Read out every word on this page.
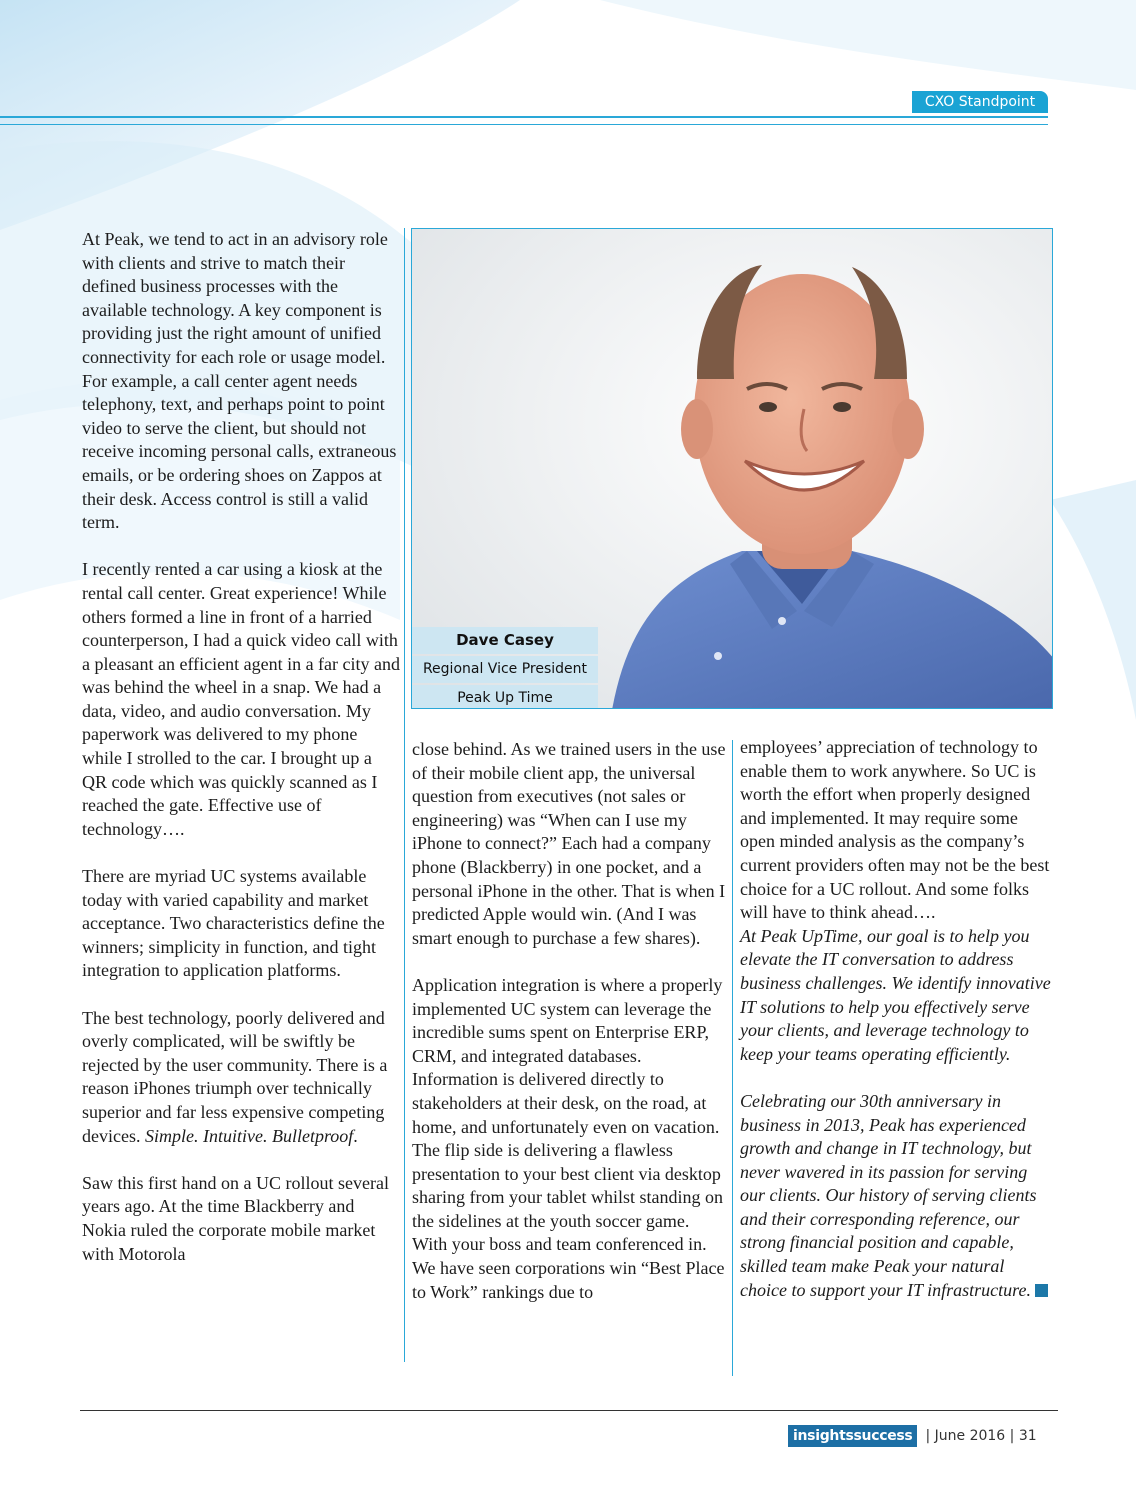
CXO Standpoint

At Peak, we tend to act in an advisory role with clients and strive to match their defined business processes with the available technology. A key component is providing just the right amount of unified connectivity for each role or usage model. For example, a call center agent needs telephony, text, and perhaps point to point video to serve the client, but should not receive incoming personal calls, extraneous emails, or be ordering shoes on Zappos at their desk. Access control is still a valid term.

I recently rented a car using a kiosk at the rental call center. Great experience! While others formed a line in front of a harried counterperson, I had a quick video call with a pleasant an efficient agent in a far city and was behind the wheel in a snap. We had a data, video, and audio conversation. My paperwork was delivered to my phone while I strolled to the car. I brought up a QR code which was quickly scanned as I reached the gate. Effective use of technology….

There are myriad UC systems available today with varied capability and market acceptance. Two characteristics define the winners; simplicity in function, and tight integration to application platforms.

The best technology, poorly delivered and overly complicated, will be swiftly be rejected by the user community. There is a reason iPhones triumph over technically superior and far less expensive competing devices. Simple. Intuitive. Bulletproof.

Saw this first hand on a UC rollout several years ago. At the time Blackberry and Nokia ruled the corporate mobile market with Motorola

Dave Casey
Regional Vice President
Peak Up Time

close behind. As we trained users in the use of their mobile client app, the universal question from executives (not sales or engineering) was “When can I use my iPhone to connect?” Each had a company phone (Blackberry) in one pocket, and a personal iPhone in the other. That is when I predicted Apple would win. (And I was smart enough to purchase a few shares).

Application integration is where a properly implemented UC system can leverage the incredible sums spent on Enterprise ERP, CRM, and integrated databases. Information is delivered directly to stakeholders at their desk, on the road, at home, and unfortunately even on vacation. The flip side is delivering a flawless presentation to your best client via desktop sharing from your tablet whilst standing on the sidelines at the youth soccer game. With your boss and team conferenced in. We have seen corporations win “Best Place to Work” rankings due to

employees’ appreciation of technology to enable them to work anywhere. So UC is worth the effort when properly designed and implemented. It may require some open minded analysis as the company’s current providers often may not be the best choice for a UC rollout. And some folks will have to think ahead….
At Peak UpTime, our goal is to help you elevate the IT conversation to address business challenges. We identify innovative IT solutions to help you effectively serve your clients, and leverage technology to keep your teams operating efficiently.

Celebrating our 30th anniversary in business in 2013, Peak has experienced growth and change in IT technology, but never wavered in its passion for serving our clients. Our history of serving clients and their corresponding reference, our strong financial position and capable, skilled team make Peak your natural choice to support your IT infrastructure.

insightssuccess | June 2016 | 31
